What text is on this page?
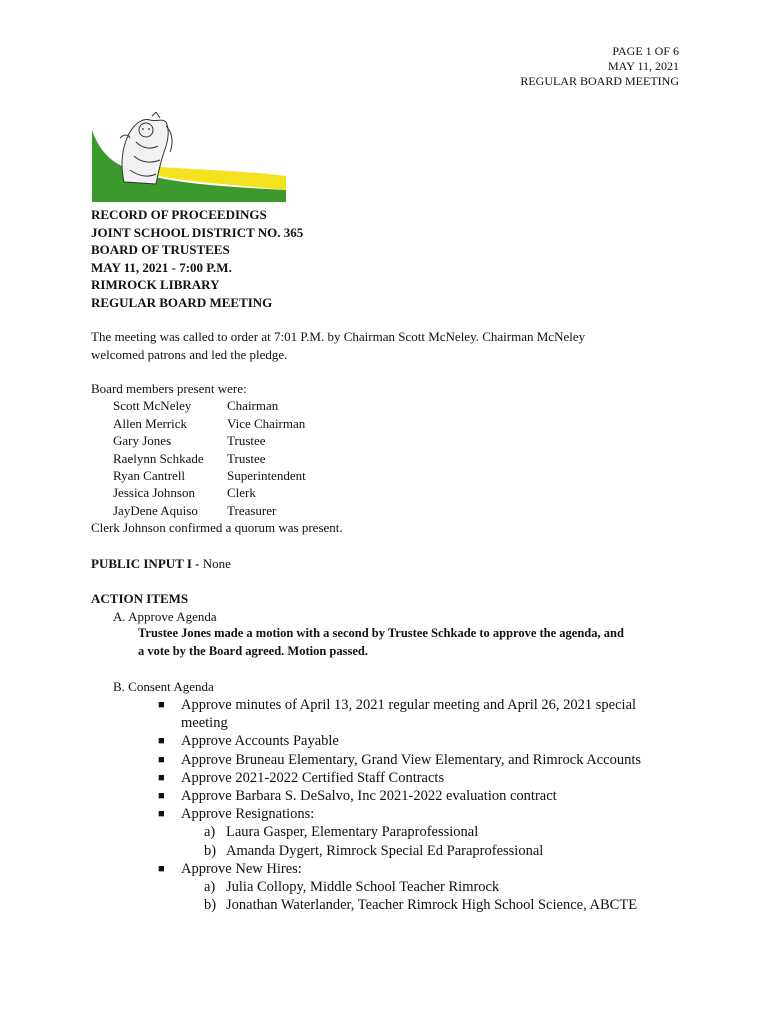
PAGE 1 OF 6
MAY 11, 2021
REGULAR BOARD MEETING
RECORD OF PROCEEDINGS
JOINT SCHOOL DISTRICT NO. 365
BOARD OF TRUSTEES
MAY 11, 2021 - 7:00 P.M.
RIMROCK LIBRARY
REGULAR BOARD MEETING
The meeting was called to order at 7:01 P.M. by Chairman Scott McNeley. Chairman McNeley
welcomed patrons and led the pledge.
Board members present were:
Scott McNeley	Chairman
Allen Merrick	Vice Chairman
Gary Jones	Trustee
Raelynn Schkade	Trustee
Ryan Cantrell	Superintendent
Jessica Johnson	Clerk
JayDene Aquiso	Treasurer
Clerk Johnson confirmed a quorum was present.
PUBLIC INPUT I - None
ACTION ITEMS
A. Approve Agenda
Trustee Jones made a motion with a second by Trustee Schkade to approve the agenda, and
a vote by the Board agreed. Motion passed.
B. Consent Agenda
■	Approve minutes of April 13, 2021 regular meeting and April 26, 2021 special
meeting
■	Approve Accounts Payable
■	Approve Bruneau Elementary, Grand View Elementary, and Rimrock Accounts
■	Approve 2021-2022 Certified Staff Contracts
■	Approve Barbara S. DeSalvo, Inc 2021-2022 evaluation contract
■	Approve Resignations:
a) Laura Gasper, Elementary Paraprofessional
b) Amanda Dygert, Rimrock Special Ed Paraprofessional
■	Approve New Hires:
a) Julia Collopy, Middle School Teacher Rimrock
b) Jonathan Waterlander, Teacher Rimrock High School Science, ABCTE
